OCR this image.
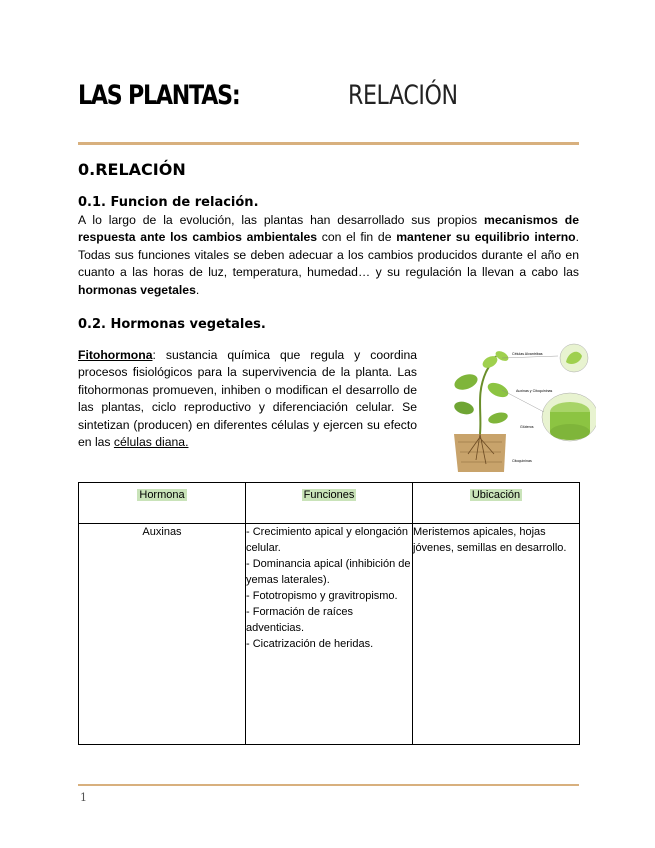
LAS PLANTAS:	RELACIÓN
0.RELACIÓN
0.1. Funcion de relación.

A lo largo de la evolución, las plantas han desarrollado sus propios mecanismos de respuesta ante los cambios ambientales con el fin de mantener su equilibrio interno. Todas sus funciones vitales se deben adecuar a los cambios producidos durante el año en cuanto a las horas de luz, temperatura, humedad… y su regulación la llevan a cabo las hormonas vegetales.

0.2. Hormonas vegetales.

Fitohormona: sustancia química que regula y coordina procesos fisiológicos para la supervivencia de la planta. Las fitohormonas promueven, inhiben o modifican el desarrollo de las plantas, ciclo reproductivo y diferenciación celular. Se sintetizan (producen) en diferentes células y ejercen su efecto en las células diana.

Células Alvantribas
Auxinas y Citoquininas
Glúteros
Citoquininas
Hormona	Funciones	Ubicación
Auxinas	- Crecimiento apical y elongación celular.
- Dominancia apical (inhibición de yemas laterales).
- Fototropismo y gravitropismo.
- Formación de raíces adventicias.
- Cicatrización de heridas.	Meristemos apicales, hojas jóvenes, semillas en desarrollo.
1
